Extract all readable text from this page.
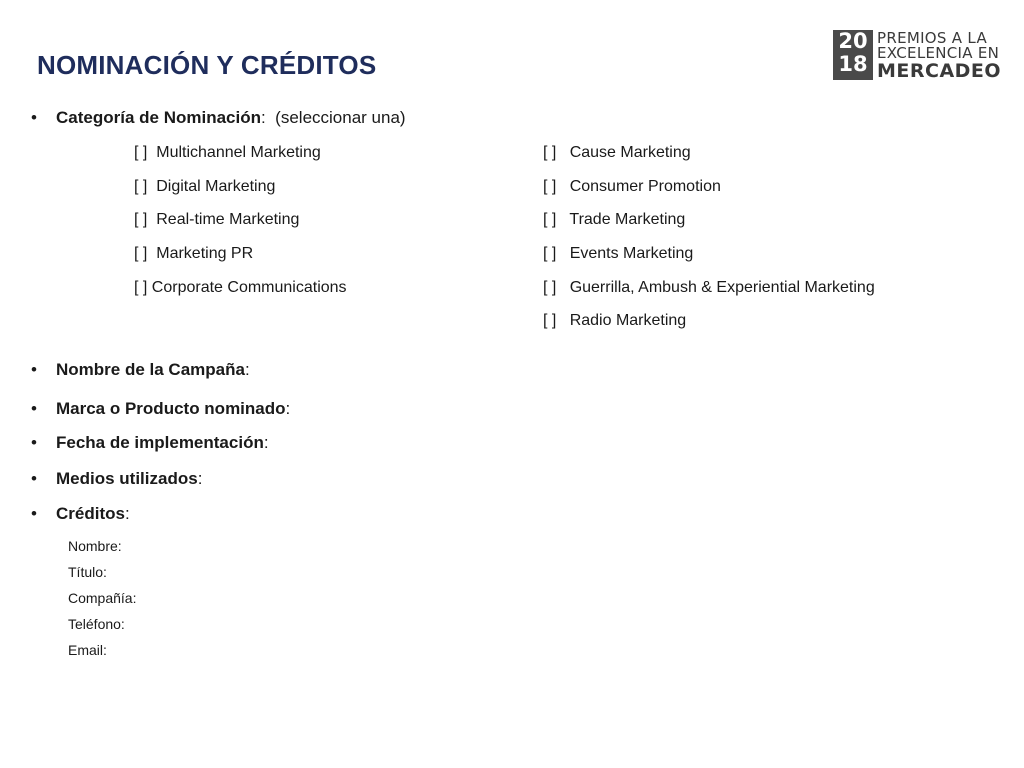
NOMINACIÓN Y CRÉDITOS
20
18
PREMIOS A LA
EXCELENCIA EN
MERCADEO
• Categoría de Nominación: (seleccionar una)
[ ] Multichannel Marketing
[ ] Digital Marketing
[ ] Real-time Marketing
[ ] Marketing PR
[ ] Corporate Communications
[ ] Cause Marketing
[ ] Consumer Promotion
[ ] Trade Marketing
[ ] Events Marketing
[ ] Guerrilla, Ambush & Experiential Marketing
[ ] Radio Marketing
• Nombre de la Campaña:
• Marca o Producto nominado:
• Fecha de implementación:
• Medios utilizados:
• Créditos:
Nombre:
Título:
Compañía:
Teléfono:
Email:
